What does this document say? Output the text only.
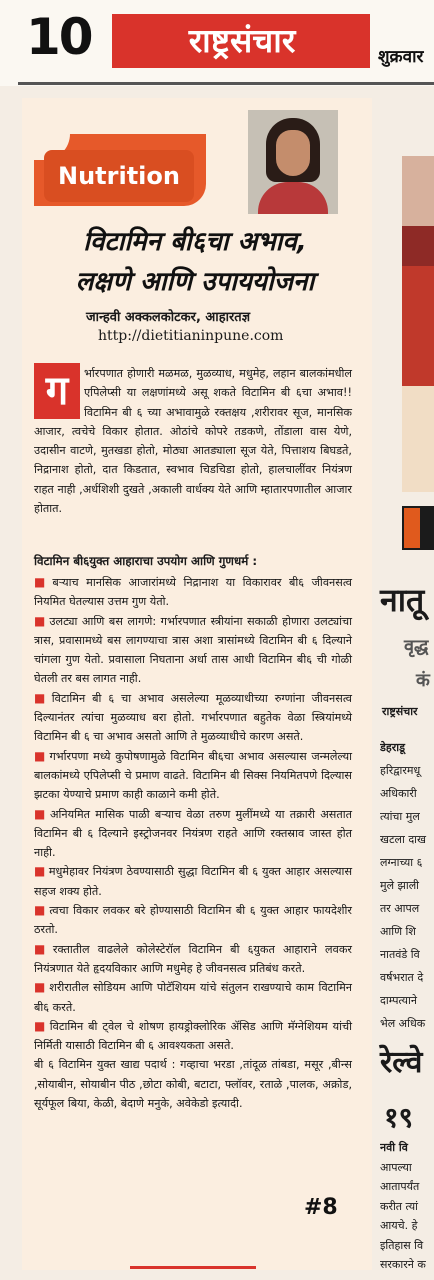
10	राष्ट्रसंचार	शुक्रवार
Nutrition
विटामिन बी६चा अभाव,
लक्षणे आणि उपाययोजना
जान्हवी अक्कलकोटकर, आहारतज्ञ
http://dietitianinpune.com
र्भारपणात होणारी मळमळ, मुळव्याध, मधुमेह, लहान बालकांमधील एपिलेप्सी या लक्षणांमध्ये असू शकते विटामिन बी ६चा अभाव!! विटामिन बी ६ च्या अभावामुळे रक्तक्षय ,शरीरावर सूज, मानसिक आजार, त्वचेचे विकार होतात. ओठांचे कोपरे तडकणे, तोंडाला वास येणे, उदासीन वाटणे, मुतखडा होतो, मोठ्या आतड्याला सूज येते, पित्ताशय बिघडते, निद्रानाश होतो, दात किडतात, स्वभाव चिडचिडा होतो, हालचालींवर नियंत्रण राहत नाही ,अर्धशिशी दुखते ,अकाली वार्धक्य येते आणि म्हातारपणातील आजार होतात.
ग
विटामिन बी६युक्त आहाराचा उपयोग आणि गुणधर्म :

■ बऱ्याच मानसिक आजारांमध्ये निद्रानाश या विकारावर बी६ जीवनसत्व नियमित घेतल्यास उत्तम गुण येतो.

■ उलट्या आणि बस लागणे: गर्भारपणात स्त्रीयांना सकाळी होणारा उलट्यांचा त्रास, प्रवासामध्ये बस लागण्याचा त्रास अशा त्रासांमध्ये विटामिन बी ६ दिल्याने चांगला गुण येतो. प्रवासाला निघताना अर्धा तास आधी विटामिन बी६ ची गोळी घेतली तर बस लागत नाही.

■ विटामिन बी ६ चा अभाव असलेल्या मूळव्याधीच्या रुग्णांना जीवनसत्व दिल्यानंतर त्यांचा मुळव्याध बरा होतो. गर्भारपणात बहुतेक वेळा स्त्रियांमध्ये विटामिन बी ६ चा अभाव असतो आणि ते मुळव्याधीचे कारण असते.

■ गर्भारपणा मध्ये कुपोषणामुळे विटामिन बी६चा अभाव असल्यास जन्मलेल्या बालकांमध्ये एपिलेप्सी चे प्रमाण वाढते. विटामिन बी सिक्स नियमितपणे दिल्यास झटका येण्याचे प्रमाण काही काळाने कमी होते.

■ अनियमित मासिक पाळी बऱ्याच वेळा तरुण मुलींमध्ये या तक्रारी असतात विटामिन बी ६ दिल्याने इस्ट्रोजनवर नियंत्रण राहते आणि रक्तस्राव जास्त होत नाही.

■ मधुमेहावर नियंत्रण ठेवण्यासाठी सुद्धा विटामिन बी ६ युक्त आहार असल्यास सहज शक्य होते.

■ त्वचा विकार लवकर बरे होण्यासाठी विटामिन बी ६ युक्त आहार फायदेशीर ठरतो.

■ रक्तातील वाढलेले कोलेस्टेरॉल विटामिन बी ६युकत आहाराने लवकर नियंत्रणात येते हृदयविकार आणि मधुमेह हे जीवनसत्व प्रतिबंध करते.

■ शरीरातील सोडियम आणि पोटॅशियम यांचे संतुलन राखण्याचे काम विटामिन बी६ करते.

■ विटामिन बी ट्वेल चे शोषण हायड्रोक्लोरिक ॲसिड आणि मॅग्नेशियम यांची निर्मिती यासाठी विटामिन बी ६ आवश्यकता असते.

बी ६ विटामिन युक्त खाद्य पदार्थ : गव्हाचा भरडा ,तांदूळ तांबडा, मसूर ,बीन्स ,सोयाबीन, सोयाबीन पीठ ,छोटा कोबी, बटाटा, फ्लॉवर, रताळे ,पालक, अक्रोड, सूर्यफूल बिया, केळी, बेदाणे मनुके, अवेकेडो इत्यादी.

#8
नातू
वृद्ध
कं
राष्ट्रसंचार
डेहराडू
हरिद्वारमधू
अधिकारी
त्यांचा मुल
खटला दाख
लग्नाच्या ६
मुले झाली
तर आपल
आणि शि
नातवंडे वि
वर्षभरात दे
दाम्पत्याने
भेल अधिक
रेल्वे
१९
नवी वि
आपल्या
आतापर्यंत
करीत त्यां
आयचे. हे
इतिहास वि
सरकारने क
